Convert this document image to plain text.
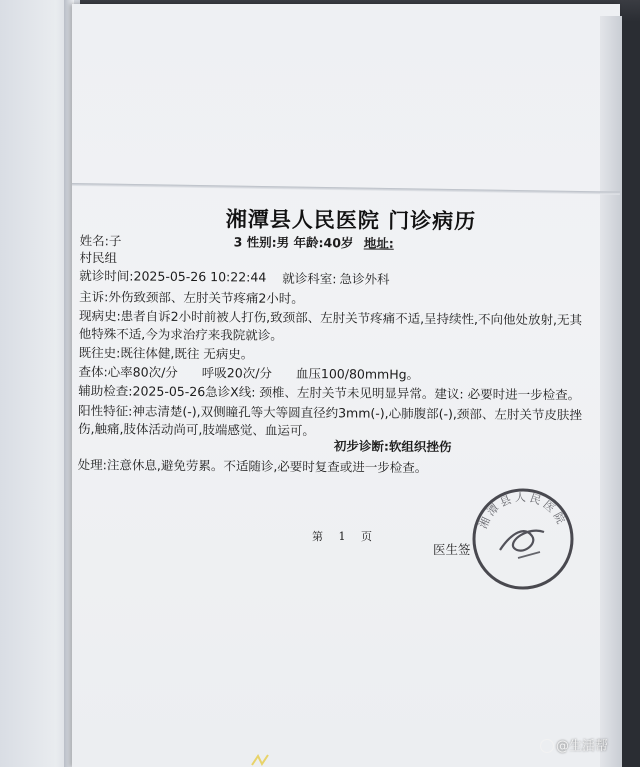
湘潭县人民医院 门诊病历
姓名:子	3 性别:男 年龄:40岁 地址:
村民组
就诊时间:2025-05-26 10:22:44 就诊科室: 急诊外科
主诉:外伤致颈部、左肘关节疼痛2小时。
现病史:患者自诉2小时前被人打伤,致颈部、左肘关节疼痛不适,呈持续性,不向他处放射,无其
他特殊不适,今为求治疗来我院就诊。
既往史:既往体健,既往 无病史。
查体:心率80次/分 呼吸20次/分 血压100/80mmHg。
辅助检查:2025-05-26急诊X线: 颈椎、左肘关节未见明显异常。建议: 必要时进一步检查。
阳性特征:神志清楚(-),双侧瞳孔等大等圆直径约3mm(-),心肺腹部(-),颈部、左肘关节皮肤挫
伤,触痛,肢体活动尚可,肢端感觉、血运可。
初步诊断:软组织挫伤
处理:注意休息,避免劳累。不适随诊,必要时复查或进一步检查。
第 1 页
医生签
湘潭县人民医院
@生活帮
